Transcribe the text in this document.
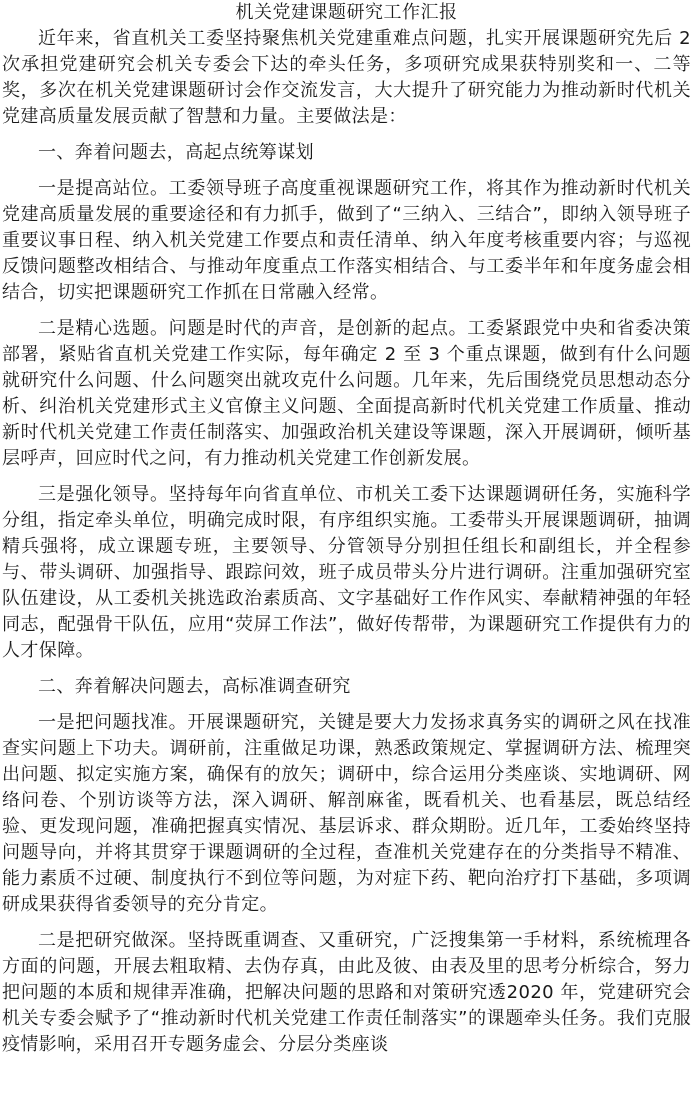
机关党建课题研究工作汇报

近年来，省直机关工委坚持聚焦机关党建重难点问题，扎实开展课题研究先后 2 次承担党建研究会机关专委会下达的牵头任务，多项研究成果获特别奖和一、二等奖，多次在机关党建课题研讨会作交流发言，大大提升了研究能力为推动新时代机关党建高质量发展贡献了智慧和力量。主要做法是：

一、奔着问题去，高起点统筹谋划

一是提高站位。工委领导班子高度重视课题研究工作，将其作为推动新时代机关党建高质量发展的重要途径和有力抓手，做到了“三纳入、三结合”，即纳入领导班子重要议事日程、纳入机关党建工作要点和责任清单、纳入年度考核重要内容；与巡视反馈问题整改相结合、与推动年度重点工作落实相结合、与工委半年和年度务虚会相结合，切实把课题研究工作抓在日常融入经常。

二是精心选题。问题是时代的声音，是创新的起点。工委紧跟党中央和省委决策部署，紧贴省直机关党建工作实际，每年确定 2 至 3 个重点课题，做到有什么问题就研究什么问题、什么问题突出就攻克什么问题。几年来，先后围绕党员思想动态分析、纠治机关党建形式主义官僚主义问题、全面提高新时代机关党建工作质量、推动新时代机关党建工作责任制落实、加强政治机关建设等课题，深入开展调研，倾听基层呼声，回应时代之问，有力推动机关党建工作创新发展。

三是强化领导。坚持每年向省直单位、市机关工委下达课题调研任务，实施科学分组，指定牵头单位，明确完成时限，有序组织实施。工委带头开展课题调研，抽调精兵强将，成立课题专班，主要领导、分管领导分别担任组长和副组长，并全程参与、带头调研、加强指导、跟踪问效，班子成员带头分片进行调研。注重加强研究室队伍建设，从工委机关挑选政治素质高、文字基础好工作作风实、奉献精神强的年轻同志，配强骨干队伍，应用“荧屏工作法”，做好传帮带，为课题研究工作提供有力的人才保障。

二、奔着解决问题去，高标准调查研究

一是把问题找准。开展课题研究，关键是要大力发扬求真务实的调研之风在找准查实问题上下功夫。调研前，注重做足功课，熟悉政策规定、掌握调研方法、梳理突出问题、拟定实施方案，确保有的放矢；调研中，综合运用分类座谈、实地调研、网络问卷、个别访谈等方法，深入调研、解剖麻雀，既看机关、也看基层，既总结经验、更发现问题，准确把握真实情况、基层诉求、群众期盼。近几年，工委始终坚持问题导向，并将其贯穿于课题调研的全过程，查准机关党建存在的分类指导不精准、能力素质不过硬、制度执行不到位等问题，为对症下药、靶向治疗打下基础，多项调研成果获得省委领导的充分肯定。

二是把研究做深。坚持既重调查、又重研究，广泛搜集第一手材料，系统梳理各方面的问题，开展去粗取精、去伪存真，由此及彼、由表及里的思考分析综合，努力把问题的本质和规律弄准确，把解决问题的思路和对策研究透2020 年，党建研究会机关专委会赋予了“推动新时代机关党建工作责任制落实”的课题牵头任务。我们克服疫情影响，采用召开专题务虚会、分层分类座谈
